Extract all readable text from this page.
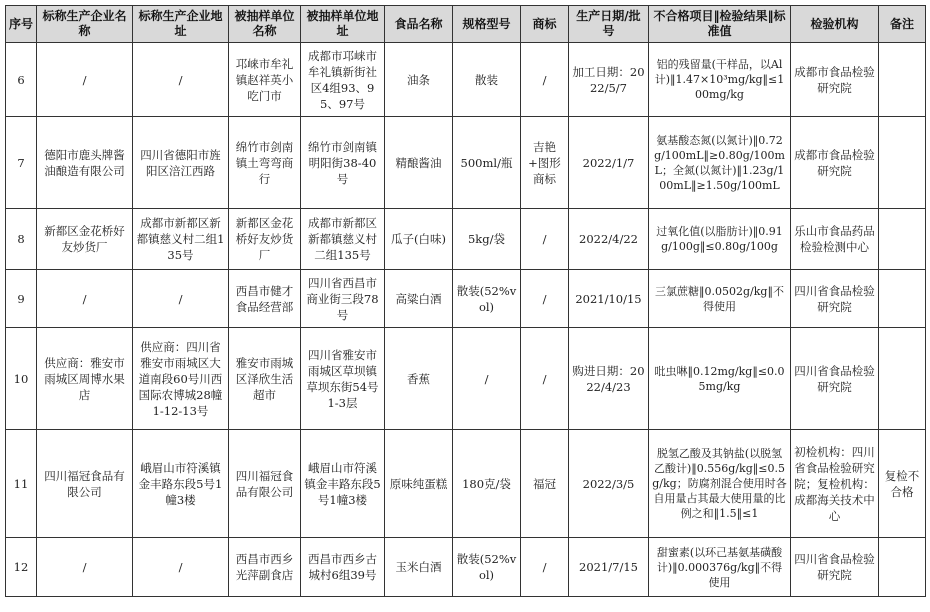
序号	标称生产企业名称	标称生产企业地址	被抽样单位名称	被抽样单位地址	食品名称	规格型号	商标	生产日期/批号	不合格项目‖检验结果‖标准值	检验机构	备注
6	/	/	邛崃市牟礼镇赵祥英小吃门市	成都市邛崃市牟礼镇新街社区4组93、95、97号	油条	散装	/	加工日期：2022/5/7	铝的残留量(干样品，以Al计)‖1.47×10³mg/kg‖≤100mg/kg	成都市食品检验研究院	
7	德阳市鹿头牌酱油酿造有限公司	四川省德阳市旌阳区涪江西路	绵竹市剑南镇土弯弯商行	绵竹市剑南镇明阳街38-40号	精酿酱油	500ml/瓶	吉艳+图形商标	2022/1/7	氨基酸态氮(以氮计)‖0.72g/100mL‖≥0.80g/100mL；全氮(以氮计)‖1.23g/100mL‖≥1.50g/100mL	成都市食品检验研究院	
8	新都区金花桥好友炒货厂	成都市新都区新都镇慈义村二组135号	新都区金花桥好友炒货厂	成都市新都区新都镇慈义村二组135号	瓜子(白味)	5kg/袋	/	2022/4/22	过氧化值(以脂肪计)‖0.91g/100g‖≤0.80g/100g	乐山市食品药品检验检测中心	
9	/	/	西昌市健才食品经营部	四川省西昌市商业街三段78号	高粱白酒	散装(52%vol)	/	2021/10/15	三氯蔗糖‖0.0502g/kg‖不得使用	四川省食品检验研究院	
10	供应商：雅安市雨城区周博水果店	供应商：四川省雅安市雨城区大道南段60号川西国际农博城28幢1-12-13号	雅安市雨城区泽欣生活超市	四川省雅安市雨城区草坝镇草坝东街54号1-3层	香蕉	/	/	购进日期：2022/4/23	吡虫啉‖0.12mg/kg‖≤0.05mg/kg	四川省食品检验研究院	
11	四川福冠食品有限公司	峨眉山市符溪镇金丰路东段5号1幢3楼	四川福冠食品有限公司	峨眉山市符溪镇金丰路东段5号1幢3楼	原味纯蛋糕	180克/袋	福冠	2022/3/5	脱氢乙酸及其钠盐(以脱氢乙酸计)‖0.556g/kg‖≤0.5g/kg；防腐剂混合使用时各自用量占其最大使用量的比例之和‖1.5‖≤1	初检机构：四川省食品检验研究院；复检机构：成都海关技术中心	复检不合格
12	/	/	西昌市西乡光萍副食店	西昌市西乡古城村6组39号	玉米白酒	散装(52%vol)	/	2021/7/15	甜蜜素(以环己基氨基磺酸计)‖0.000376g/kg‖不得使用	四川省食品检验研究院	
